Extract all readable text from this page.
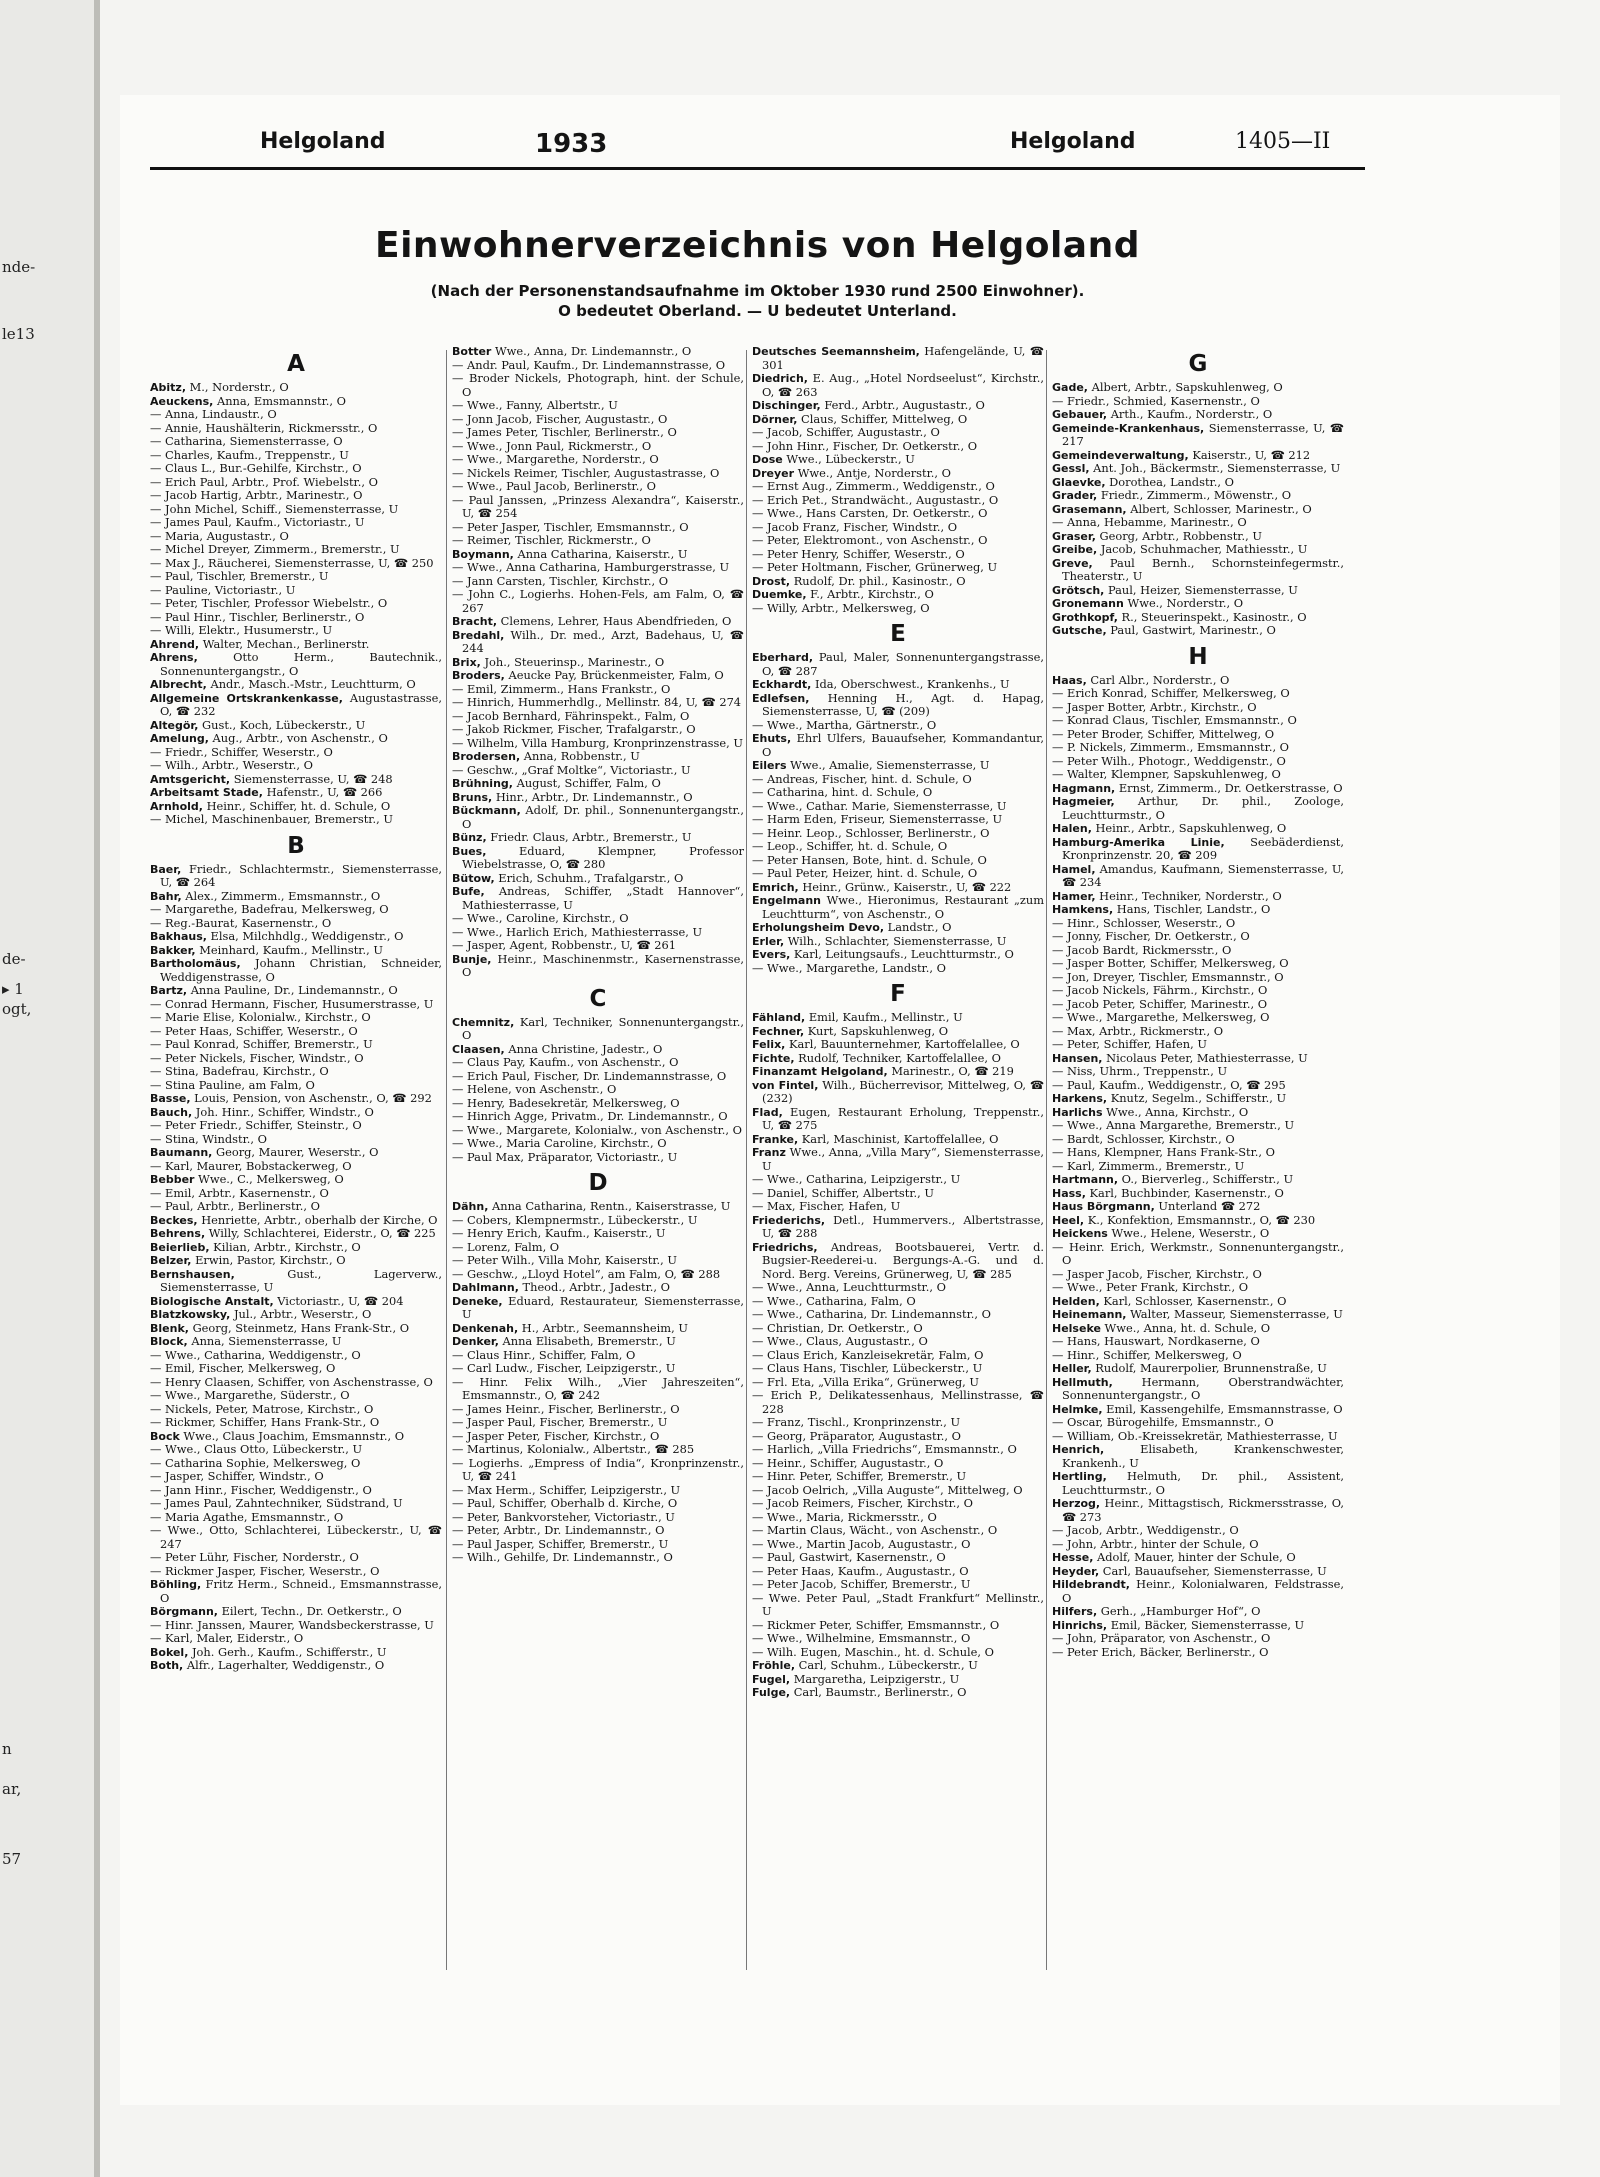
nde-
le13
de-
▸ 1
ogt,
n
ar,
57
Helgoland	1933	Helgoland	1405—II
Einwohnerverzeichnis von Helgoland
(Nach der Personenstandsaufnahme im Oktober 1930 rund 2500 Einwohner).
O bedeutet Oberland. — U bedeutet Unterland.
A

Abitz, M., Norderstr., O

Aeuckens, Anna, Emsmannstr., O

— Anna, Lindaustr., O

— Annie, Haushälterin, Rickmersstr., O

— Catharina, Siemensterrasse, O

— Charles, Kaufm., Treppenstr., U

— Claus L., Bur.-Gehilfe, Kirchstr., O

— Erich Paul, Arbtr., Prof. Wiebelstr., O

— Jacob Hartig, Arbtr., Marinestr., O

— John Michel, Schiff., Siemensterrasse, U

— James Paul, Kaufm., Victoriastr., U

— Maria, Augustastr., O

— Michel Dreyer, Zimmerm., Bremerstr., U

— Max J., Räucherei, Siemensterrasse, U, ☎ 250

— Paul, Tischler, Bremerstr., U

— Pauline, Victoriastr., U

— Peter, Tischler, Professor Wiebelstr., O

— Paul Hinr., Tischler, Berlinerstr., O

— Willi, Elektr., Husumerstr., U

Ahrend, Walter, Mechan., Berlinerstr.

Ahrens, Otto Herm., Bautechnik., Sonnenuntergangstr., O

Albrecht, Andr., Masch.-Mstr., Leuchtturm, O

Allgemeine Ortskrankenkasse, Augustastrasse, O, ☎ 232

Altegör, Gust., Koch, Lübeckerstr., U

Amelung, Aug., Arbtr., von Aschenstr., O

— Friedr., Schiffer, Weserstr., O

— Wilh., Arbtr., Weserstr., O

Amtsgericht, Siemensterrasse, U, ☎ 248

Arbeitsamt Stade, Hafenstr., U, ☎ 266

Arnhold, Heinr., Schiffer, ht. d. Schule, O

— Michel, Maschinenbauer, Bremerstr., U

B

Baer, Friedr., Schlachtermstr., Siemensterrasse, U, ☎ 264

Bahr, Alex., Zimmerm., Emsmannstr., O

— Margarethe, Badefrau, Melkersweg, O

— Reg.-Baurat, Kasernenstr., O

Bakhaus, Elsa, Milchhdlg., Weddigenstr., O

Bakker, Meinhard, Kaufm., Mellinstr., U

Bartholomäus, Johann Christian, Schneider, Weddigenstrasse, O

Bartz, Anna Pauline, Dr., Lindemannstr., O

— Conrad Hermann, Fischer, Husumerstrasse, U

— Marie Elise, Kolonialw., Kirchstr., O

— Peter Haas, Schiffer, Weserstr., O

— Paul Konrad, Schiffer, Bremerstr., U

— Peter Nickels, Fischer, Windstr., O

— Stina, Badefrau, Kirchstr., O

— Stina Pauline, am Falm, O

Basse, Louis, Pension, von Aschenstr., O, ☎ 292

Bauch, Joh. Hinr., Schiffer, Windstr., O

— Peter Friedr., Schiffer, Steinstr., O

— Stina, Windstr., O

Baumann, Georg, Maurer, Weserstr., O

— Karl, Maurer, Bobstackerweg, O

Bebber Wwe., C., Melkersweg, O

— Emil, Arbtr., Kasernenstr., O

— Paul, Arbtr., Berlinerstr., O

Beckes, Henriette, Arbtr., oberhalb der Kirche, O

Behrens, Willy, Schlachterei, Eiderstr., O, ☎ 225

Beierlieb, Kilian, Arbtr., Kirchstr., O

Belzer, Erwin, Pastor, Kirchstr., O

Bernshausen, Gust., Lagerverw., Siemensterrasse, U

Biologische Anstalt, Victoriastr., U, ☎ 204

Blatzkowsky, Jul., Arbtr., Weserstr., O

Blenk, Georg, Steinmetz, Hans Frank-Str., O

Block, Anna, Siemensterrasse, U

— Wwe., Catharina, Weddigenstr., O

— Emil, Fischer, Melkersweg, O

— Henry Claasen, Schiffer, von Aschenstrasse, O

— Wwe., Margarethe, Süderstr., O

— Nickels, Peter, Matrose, Kirchstr., O

— Rickmer, Schiffer, Hans Frank-Str., O

Bock Wwe., Claus Joachim, Emsmannstr., O

— Wwe., Claus Otto, Lübeckerstr., U

— Catharina Sophie, Melkersweg, O

— Jasper, Schiffer, Windstr., O

— Jann Hinr., Fischer, Weddigenstr., O

— James Paul, Zahntechniker, Südstrand, U

— Maria Agathe, Emsmannstr., O

— Wwe., Otto, Schlachterei, Lübeckerstr., U, ☎ 247

— Peter Lühr, Fischer, Norderstr., O

— Rickmer Jasper, Fischer, Weserstr., O

Böhling, Fritz Herm., Schneid., Emsmannstrasse, O

Börgmann, Eilert, Techn., Dr. Oetkerstr., O

— Hinr. Janssen, Maurer, Wandsbeckerstrasse, U

— Karl, Maler, Eiderstr., O

Bokel, Joh. Gerh., Kaufm., Schifferstr., U

Both, Alfr., Lagerhalter, Weddigenstr., O

Botter Wwe., Anna, Dr. Lindemannstr., O

— Andr. Paul, Kaufm., Dr. Lindemannstrasse, O

— Broder Nickels, Photograph, hint. der Schule, O

— Wwe., Fanny, Albertstr., U

— Jonn Jacob, Fischer, Augustastr., O

— James Peter, Tischler, Berlinerstr., O

— Wwe., Jonn Paul, Rickmerstr., O

— Wwe., Margarethe, Norderstr., O

— Nickels Reimer, Tischler, Augustastrasse, O

— Wwe., Paul Jacob, Berlinerstr., O

— Paul Janssen, „Prinzess Alexandra“, Kaiserstr., U, ☎ 254

— Peter Jasper, Tischler, Emsmannstr., O

— Reimer, Tischler, Rickmerstr., O

Boymann, Anna Catharina, Kaiserstr., U

— Wwe., Anna Catharina, Hamburgerstrasse, U

— Jann Carsten, Tischler, Kirchstr., O

— John C., Logierhs. Hohen-Fels, am Falm, O, ☎ 267

Bracht, Clemens, Lehrer, Haus Abendfrieden, O

Bredahl, Wilh., Dr. med., Arzt, Badehaus, U, ☎ 244

Brix, Joh., Steuerinsp., Marinestr., O

Broders, Aeucke Pay, Brückenmeister, Falm, O

— Emil, Zimmerm., Hans Frankstr., O

— Hinrich, Hummerhdlg., Mellinstr. 84, U, ☎ 274

— Jacob Bernhard, Fährinspekt., Falm, O

— Jakob Rickmer, Fischer, Trafalgarstr., O

— Wilhelm, Villa Hamburg, Kronprinzenstrasse, U

Brodersen, Anna, Robbenstr., U

— Geschw., „Graf Moltke“, Victoriastr., U

Brühning, August, Schiffer, Falm, O

Bruns, Hinr., Arbtr., Dr. Lindemannstr., O

Bückmann, Adolf, Dr. phil., Sonnenuntergangstr., O

Bünz, Friedr. Claus, Arbtr., Bremerstr., U

Bues, Eduard, Klempner, Professor Wiebelstrasse, O, ☎ 280

Bütow, Erich, Schuhm., Trafalgarstr., O

Bufe, Andreas, Schiffer, „Stadt Hannover“, Mathiesterrasse, U

— Wwe., Caroline, Kirchstr., O

— Wwe., Harlich Erich, Mathiesterrasse, U

— Jasper, Agent, Robbenstr., U, ☎ 261

Bunje, Heinr., Maschinenmstr., Kasernenstrasse, O

C

Chemnitz, Karl, Techniker, Sonnenuntergangstr., O

Claasen, Anna Christine, Jadestr., O

— Claus Pay, Kaufm., von Aschenstr., O

— Erich Paul, Fischer, Dr. Lindemannstrasse, O

— Helene, von Aschenstr., O

— Henry, Badesekretär, Melkersweg, O

— Hinrich Agge, Privatm., Dr. Lindemannstr., O

— Wwe., Margarete, Kolonialw., von Aschenstr., O

— Wwe., Maria Caroline, Kirchstr., O

— Paul Max, Präparator, Victoriastr., U

D

Dähn, Anna Catharina, Rentn., Kaiserstrasse, U

— Cobers, Klempnermstr., Lübeckerstr., U

— Henry Erich, Kaufm., Kaiserstr., U

— Lorenz, Falm, O

— Peter Wilh., Villa Mohr, Kaiserstr., U

— Geschw., „Lloyd Hotel“, am Falm, O, ☎ 288

Dahlmann, Theod., Arbtr., Jadestr., O

Deneke, Eduard, Restaurateur, Siemensterrasse, U

Denkenah, H., Arbtr., Seemannsheim, U

Denker, Anna Elisabeth, Bremerstr., U

— Claus Hinr., Schiffer, Falm, O

— Carl Ludw., Fischer, Leipzigerstr., U

— Hinr. Felix Wilh., „Vier Jahreszeiten“, Emsmannstr., O, ☎ 242

— James Heinr., Fischer, Berlinerstr., O

— Jasper Paul, Fischer, Bremerstr., U

— Jasper Peter, Fischer, Kirchstr., O

— Martinus, Kolonialw., Albertstr., ☎ 285

— Logierhs. „Empress of India“, Kronprinzenstr., U, ☎ 241

— Max Herm., Schiffer, Leipzigerstr., U

— Paul, Schiffer, Oberhalb d. Kirche, O

— Peter, Bankvorsteher, Victoriastr., U

— Peter, Arbtr., Dr. Lindemannstr., O

— Paul Jasper, Schiffer, Bremerstr., U

— Wilh., Gehilfe, Dr. Lindemannstr., O

Deutsches Seemannsheim, Hafengelände, U, ☎ 301

Diedrich, E. Aug., „Hotel Nordseelust“, Kirchstr., O, ☎ 263

Dischinger, Ferd., Arbtr., Augustastr., O

Dörner, Claus, Schiffer, Mittelweg, O

— Jacob, Schiffer, Augustastr., O

— John Hinr., Fischer, Dr. Oetkerstr., O

Dose Wwe., Lübeckerstr., U

Dreyer Wwe., Antje, Norderstr., O

— Ernst Aug., Zimmerm., Weddigenstr., O

— Erich Pet., Strandwächt., Augustastr., O

— Wwe., Hans Carsten, Dr. Oetkerstr., O

— Jacob Franz, Fischer, Windstr., O

— Peter, Elektromont., von Aschenstr., O

— Peter Henry, Schiffer, Weserstr., O

— Peter Holtmann, Fischer, Grünerweg, U

Drost, Rudolf, Dr. phil., Kasinostr., O

Duemke, F., Arbtr., Kirchstr., O

— Willy, Arbtr., Melkersweg, O

E

Eberhard, Paul, Maler, Sonnenuntergangstrasse, O, ☎ 287

Eckhardt, Ida, Oberschwest., Krankenhs., U

Edlefsen, Henning H., Agt. d. Hapag, Siemensterrasse, U, ☎ (209)

— Wwe., Martha, Gärtnerstr., O

Ehuts, Ehrl Ulfers, Bauaufseher, Kommandantur, O

Eilers Wwe., Amalie, Siemensterrasse, U

— Andreas, Fischer, hint. d. Schule, O

— Catharina, hint. d. Schule, O

— Wwe., Cathar. Marie, Siemensterrasse, U

— Harm Eden, Friseur, Siemensterrasse, U

— Heinr. Leop., Schlosser, Berlinerstr., O

— Leop., Schiffer, ht. d. Schule, O

— Peter Hansen, Bote, hint. d. Schule, O

— Paul Peter, Heizer, hint. d. Schule, O

Emrich, Heinr., Grünw., Kaiserstr., U, ☎ 222

Engelmann Wwe., Hieronimus, Restaurant „zum Leuchtturm“, von Aschenstr., O

Erholungsheim Devo, Landstr., O

Erler, Wilh., Schlachter, Siemensterrasse, U

Evers, Karl, Leitungsaufs., Leuchtturmstr., O

— Wwe., Margarethe, Landstr., O

F

Fähland, Emil, Kaufm., Mellinstr., U

Fechner, Kurt, Sapskuhlenweg, O

Felix, Karl, Bauunternehmer, Kartoffelallee, O

Fichte, Rudolf, Techniker, Kartoffelallee, O

Finanzamt Helgoland, Marinestr., O, ☎ 219

von Fintel, Wilh., Bücherrevisor, Mittelweg, O, ☎ (232)

Flad, Eugen, Restaurant Erholung, Treppenstr., U, ☎ 275

Franke, Karl, Maschinist, Kartoffelallee, O

Franz Wwe., Anna, „Villa Mary“, Siemensterrasse, U

— Wwe., Catharina, Leipzigerstr., U

— Daniel, Schiffer, Albertstr., U

— Max, Fischer, Hafen, U

Friederichs, Detl., Hummervers., Albertstrasse, U, ☎ 288

Friedrichs, Andreas, Bootsbauerei, Vertr. d. Bugsier-Reederei-u. Bergungs-A.-G. und d. Nord. Berg. Vereins, Grünerweg, U, ☎ 285

— Wwe., Anna, Leuchtturmstr., O

— Wwe., Catharina, Falm, O

— Wwe., Catharina, Dr. Lindemannstr., O

— Christian, Dr. Oetkerstr., O

— Wwe., Claus, Augustastr., O

— Claus Erich, Kanzleisekretär, Falm, O

— Claus Hans, Tischler, Lübeckerstr., U

— Frl. Eta, „Villa Erika“, Grünerweg, U

— Erich P., Delikatessenhaus, Mellinstrasse, ☎ 228

— Franz, Tischl., Kronprinzenstr., U

— Georg, Präparator, Augustastr., O

— Harlich, „Villa Friedrichs“, Emsmannstr., O

— Heinr., Schiffer, Augustastr., O

— Hinr. Peter, Schiffer, Bremerstr., U

— Jacob Oelrich, „Villa Auguste“, Mittelweg, O

— Jacob Reimers, Fischer, Kirchstr., O

— Wwe., Maria, Rickmersstr., O

— Martin Claus, Wächt., von Aschenstr., O

— Wwe., Martin Jacob, Augustastr., O

— Paul, Gastwirt, Kasernenstr., O

— Peter Haas, Kaufm., Augustastr., O

— Peter Jacob, Schiffer, Bremerstr., U

— Wwe. Peter Paul, „Stadt Frankfurt“ Mellinstr., U

— Rickmer Peter, Schiffer, Emsmannstr., O

— Wwe., Wilhelmine, Emsmannstr., O

— Wilh. Eugen, Maschin., ht. d. Schule, O

Fröhle, Carl, Schuhm., Lübeckerstr., U

Fugel, Margaretha, Leipzigerstr., U

Fulge, Carl, Baumstr., Berlinerstr., O

G

Gade, Albert, Arbtr., Sapskuhlenweg, O

— Friedr., Schmied, Kasernenstr., O

Gebauer, Arth., Kaufm., Norderstr., O

Gemeinde-Krankenhaus, Siemensterrasse, U, ☎ 217

Gemeindeverwaltung, Kaiserstr., U, ☎ 212

Gessl, Ant. Joh., Bäckermstr., Siemensterrasse, U

Glaevke, Dorothea, Landstr., O

Grader, Friedr., Zimmerm., Möwenstr., O

Grasemann, Albert, Schlosser, Marinestr., O

— Anna, Hebamme, Marinestr., O

Graser, Georg, Arbtr., Robbenstr., U

Greibe, Jacob, Schuhmacher, Mathiesstr., U

Greve, Paul Bernh., Schornsteinfegermstr., Theaterstr., U

Grötsch, Paul, Heizer, Siemensterrasse, U

Gronemann Wwe., Norderstr., O

Grothkopf, R., Steuerinspekt., Kasinostr., O

Gutsche, Paul, Gastwirt, Marinestr., O

H

Haas, Carl Albr., Norderstr., O

— Erich Konrad, Schiffer, Melkersweg, O

— Jasper Botter, Arbtr., Kirchstr., O

— Konrad Claus, Tischler, Emsmannstr., O

— Peter Broder, Schiffer, Mittelweg, O

— P. Nickels, Zimmerm., Emsmannstr., O

— Peter Wilh., Photogr., Weddigenstr., O

— Walter, Klempner, Sapskuhlenweg, O

Hagmann, Ernst, Zimmerm., Dr. Oetkerstrasse, O

Hagmeier, Arthur, Dr. phil., Zoologe, Leuchtturmstr., O

Halen, Heinr., Arbtr., Sapskuhlenweg, O

Hamburg-Amerika Linie, Seebäderdienst, Kronprinzenstr. 20, ☎ 209

Hamel, Amandus, Kaufmann, Siemensterrasse, U, ☎ 234

Hamer, Heinr., Techniker, Norderstr., O

Hamkens, Hans, Tischler, Landstr., O

— Hinr., Schlosser, Weserstr., O

— Jonny, Fischer, Dr. Oetkerstr., O

— Jacob Bardt, Rickmersstr., O

— Jasper Botter, Schiffer, Melkersweg, O

— Jon, Dreyer, Tischler, Emsmannstr., O

— Jacob Nickels, Fährm., Kirchstr., O

— Jacob Peter, Schiffer, Marinestr., O

— Wwe., Margarethe, Melkersweg, O

— Max, Arbtr., Rickmerstr., O

— Peter, Schiffer, Hafen, U

Hansen, Nicolaus Peter, Mathiesterrasse, U

— Niss, Uhrm., Treppenstr., U

— Paul, Kaufm., Weddigenstr., O, ☎ 295

Harkens, Knutz, Segelm., Schifferstr., U

Harlichs Wwe., Anna, Kirchstr., O

— Wwe., Anna Margarethe, Bremerstr., U

— Bardt, Schlosser, Kirchstr., O

— Hans, Klempner, Hans Frank-Str., O

— Karl, Zimmerm., Bremerstr., U

Hartmann, O., Bierverleg., Schifferstr., U

Hass, Karl, Buchbinder, Kasernenstr., O

Haus Börgmann, Unterland ☎ 272

Heel, K., Konfektion, Emsmannstr., O, ☎ 230

Heickens Wwe., Helene, Weserstr., O

— Heinr. Erich, Werkmstr., Sonnenuntergangstr., O

— Jasper Jacob, Fischer, Kirchstr., O

— Wwe., Peter Frank, Kirchstr., O

Helden, Karl, Schlosser, Kasernenstr., O

Heinemann, Walter, Masseur, Siemensterrasse, U

Helseke Wwe., Anna, ht. d. Schule, O

— Hans, Hauswart, Nordkaserne, O

— Hinr., Schiffer, Melkersweg, O

Heller, Rudolf, Maurerpolier, Brunnenstraße, U

Hellmuth, Hermann, Oberstrandwächter, Sonnenuntergangstr., O

Helmke, Emil, Kassengehilfe, Emsmannstrasse, O

— Oscar, Bürogehilfe, Emsmannstr., O

— William, Ob.-Kreissekretär, Mathiesterrasse, U

Henrich, Elisabeth, Krankenschwester, Krankenh., U

Hertling, Helmuth, Dr. phil., Assistent, Leuchtturmstr., O

Herzog, Heinr., Mittagstisch, Rickmersstrasse, O, ☎ 273

— Jacob, Arbtr., Weddigenstr., O

— John, Arbtr., hinter der Schule, O

Hesse, Adolf, Mauer, hinter der Schule, O

Heyder, Carl, Bauaufseher, Siemensterrasse, U

Hildebrandt, Heinr., Kolonialwaren, Feldstrasse, O

Hilfers, Gerh., „Hamburger Hof“, O

Hinrichs, Emil, Bäcker, Siemensterrasse, U

— John, Präparator, von Aschenstr., O

— Peter Erich, Bäcker, Berlinerstr., O
